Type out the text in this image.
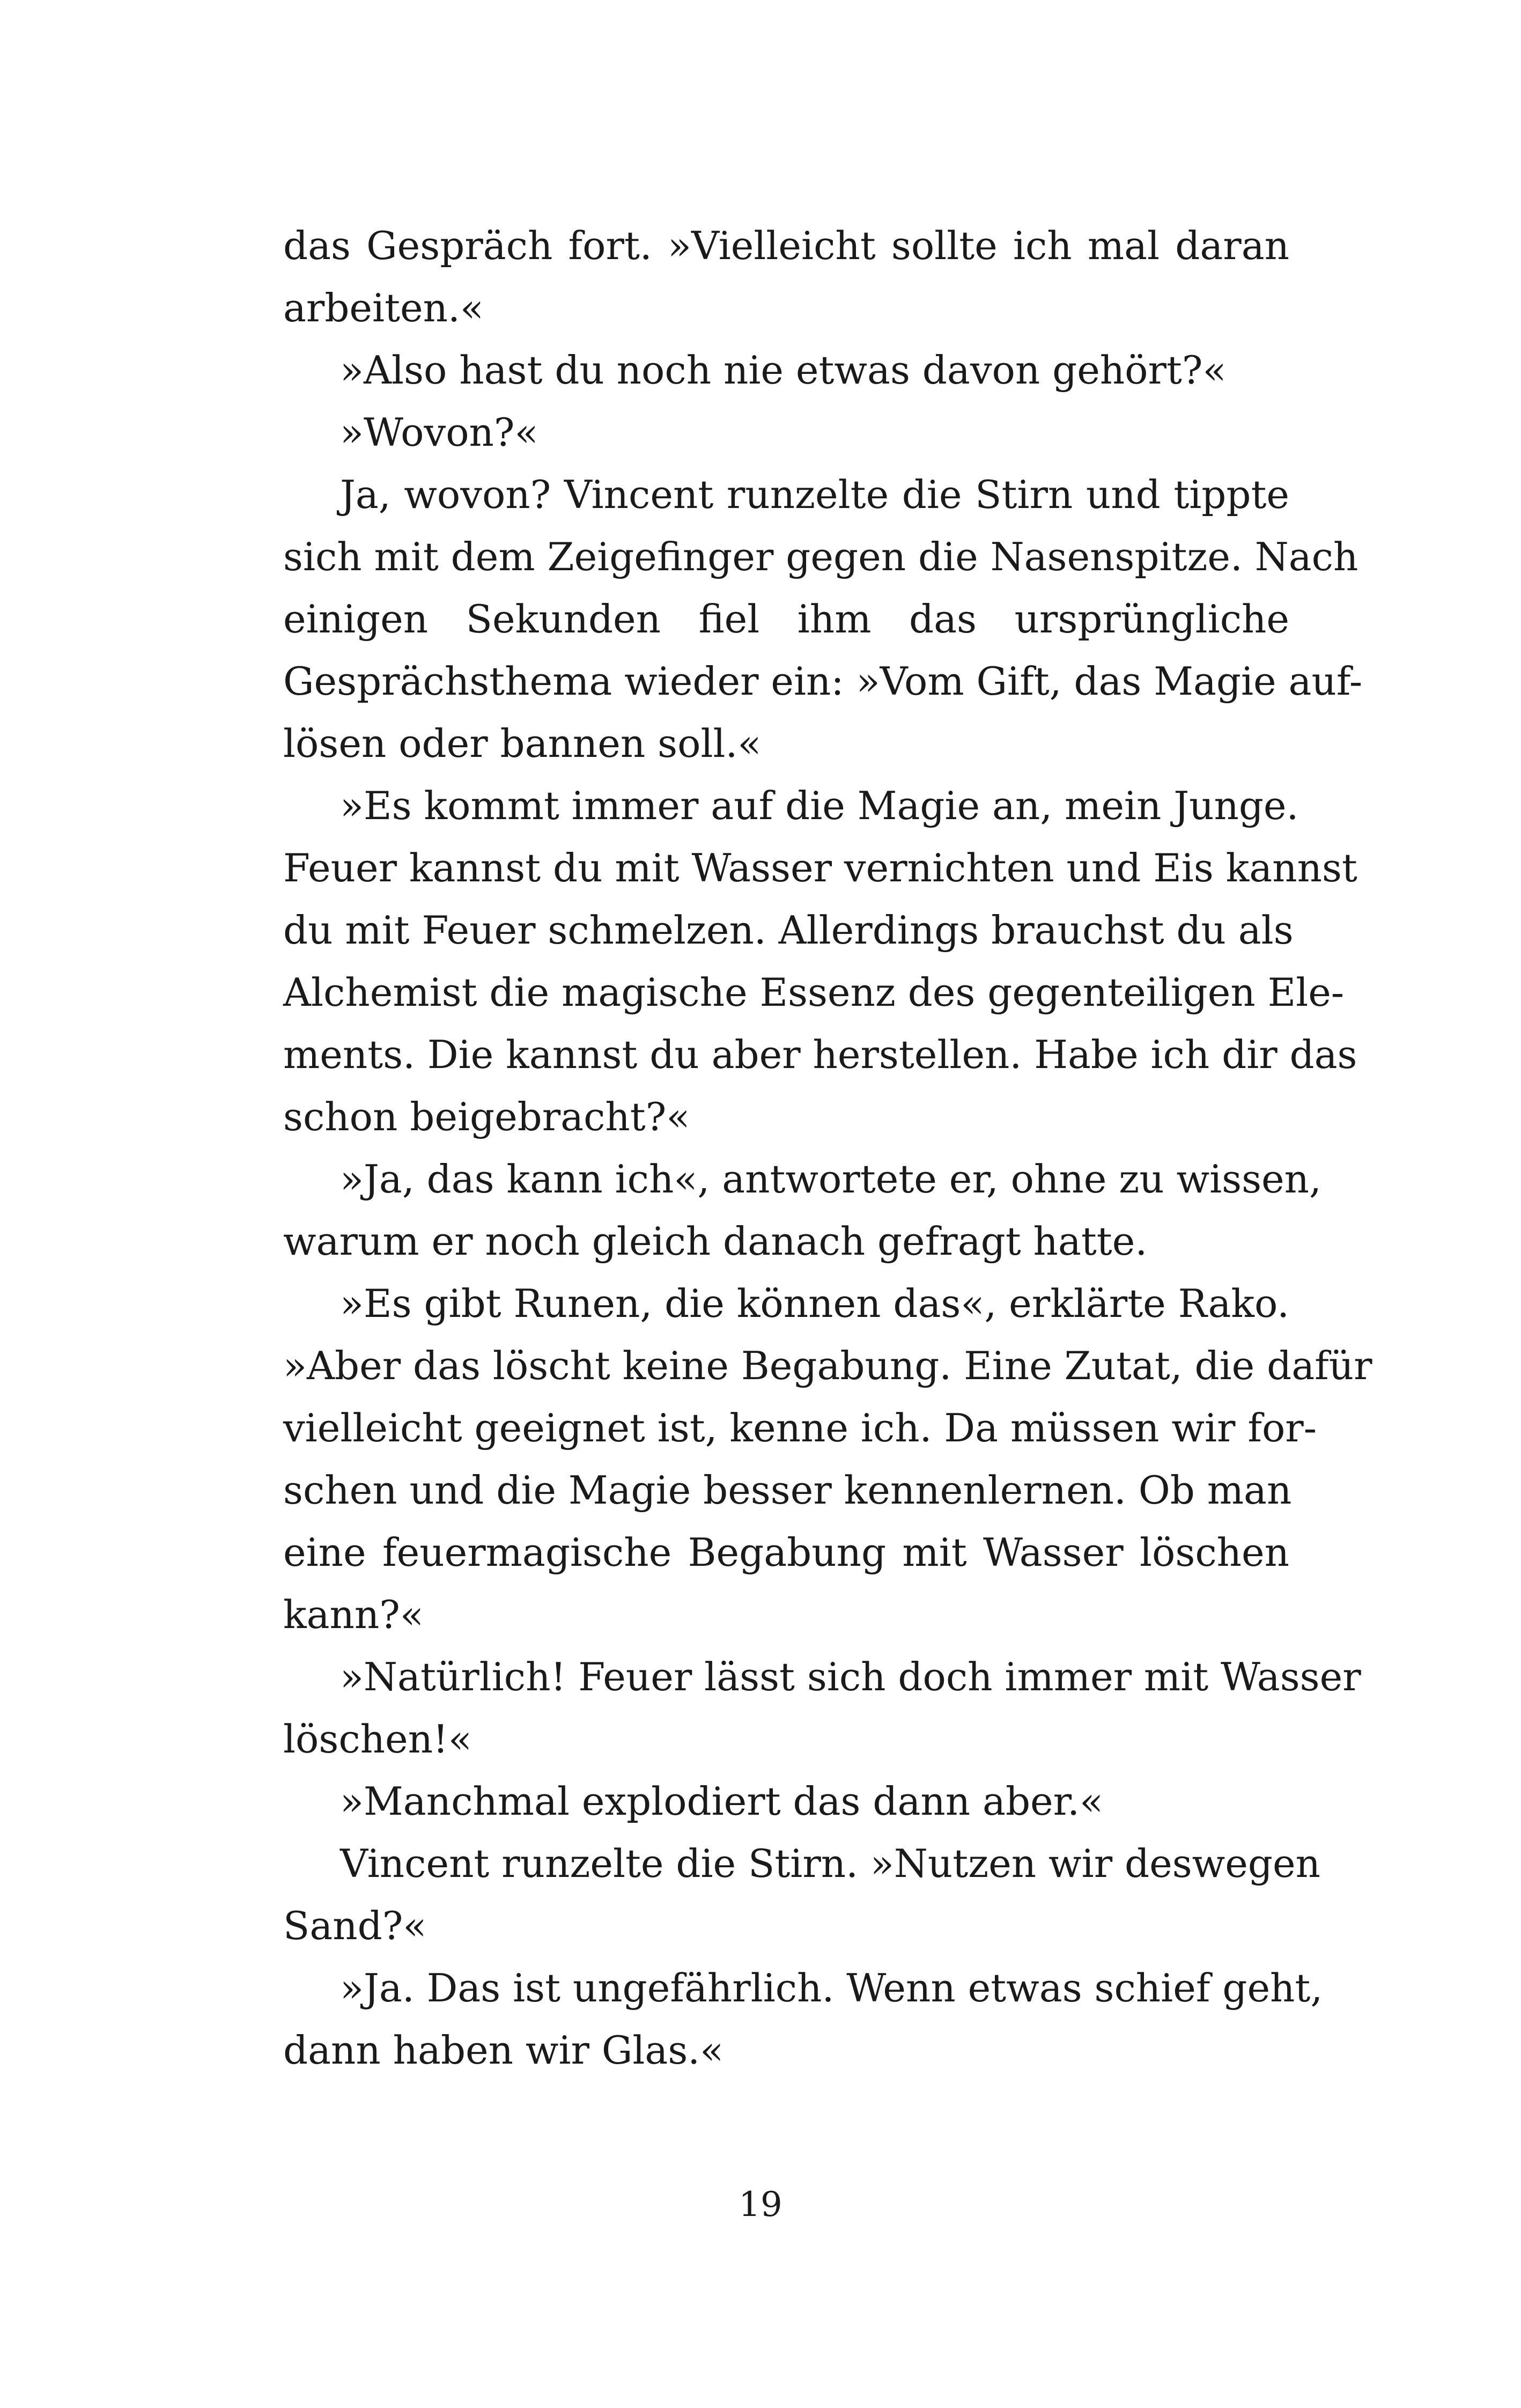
das Gespräch fort. »Vielleicht sollte ich mal daran
arbeiten.«
»Also hast du noch nie etwas davon gehört?«
»Wovon?«
Ja, wovon? Vincent runzelte die Stirn und tippte
sich mit dem Zeigefinger gegen die Nasenspitze. Nach
einigen Sekunden fiel ihm das ursprüngliche
Gesprächsthema wieder ein: »Vom Gift, das Magie auf-
lösen oder bannen soll.«
»Es kommt immer auf die Magie an, mein Junge.
Feuer kannst du mit Wasser vernichten und Eis kannst
du mit Feuer schmelzen. Allerdings brauchst du als
Alchemist die magische Essenz des gegenteiligen Ele-
ments. Die kannst du aber herstellen. Habe ich dir das
schon beigebracht?«
»Ja, das kann ich«, antwortete er, ohne zu wissen,
warum er noch gleich danach gefragt hatte.
»Es gibt Runen, die können das«, erklärte Rako.
»Aber das löscht keine Begabung. Eine Zutat, die dafür
vielleicht geeignet ist, kenne ich. Da müssen wir for-
schen und die Magie besser kennenlernen. Ob man
eine feuermagische Begabung mit Wasser löschen
kann?«
»Natürlich! Feuer lässt sich doch immer mit Wasser
löschen!«
»Manchmal explodiert das dann aber.«
Vincent runzelte die Stirn. »Nutzen wir deswegen
Sand?«
»Ja. Das ist ungefährlich. Wenn etwas schief geht,
dann haben wir Glas.«
19
